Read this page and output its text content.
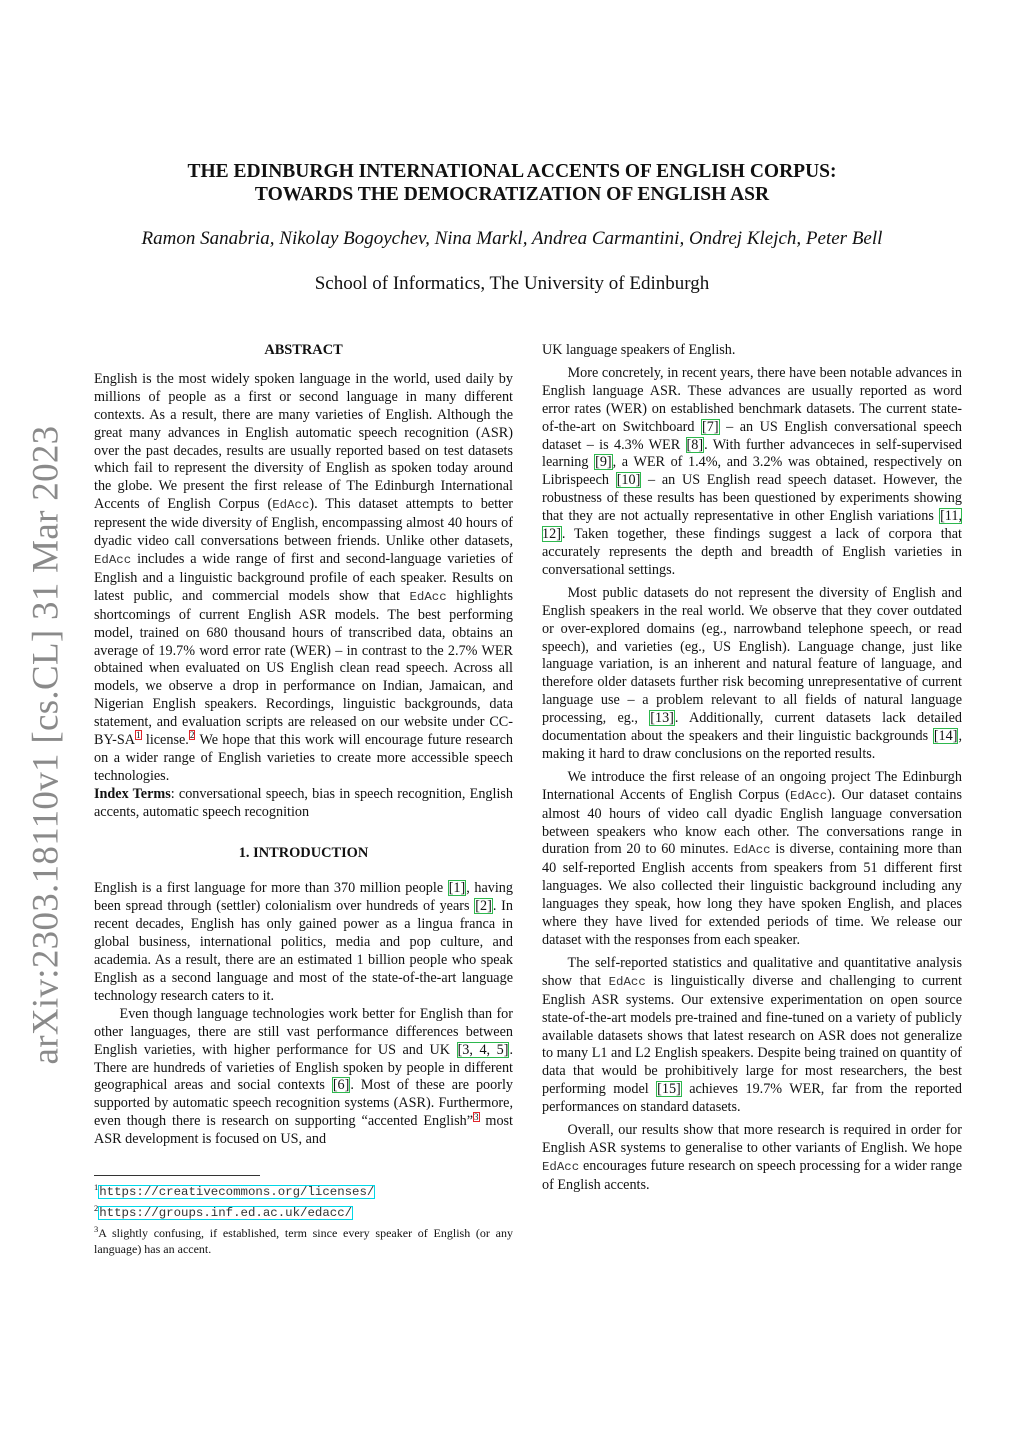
arXiv:2303.18110v1 [cs.CL] 31 Mar 2023
THE EDINBURGH INTERNATIONAL ACCENTS OF ENGLISH CORPUS:
TOWARDS THE DEMOCRATIZATION OF ENGLISH ASR
Ramon Sanabria, Nikolay Bogoychev, Nina Markl, Andrea Carmantini, Ondrej Klejch, Peter Bell
School of Informatics, The University of Edinburgh
ABSTRACT

English is the most widely spoken language in the world, used daily by millions of people as a first or second language in many different contexts. As a result, there are many varieties of English. Although the great many advances in English automatic speech recognition (ASR) over the past decades, results are usually reported based on test datasets which fail to represent the diversity of English as spoken today around the globe. We present the first release of The Edinburgh International Accents of English Corpus (EdAcc). This dataset attempts to better represent the wide diversity of English, encompassing almost 40 hours of dyadic video call conversations between friends. Unlike other datasets, EdAcc includes a wide range of first and second-language varieties of English and a linguistic background profile of each speaker. Results on latest public, and commercial models show that EdAcc highlights shortcomings of current English ASR models. The best performing model, trained on 680 thousand hours of transcribed data, obtains an average of 19.7% word error rate (WER) – in contrast to the 2.7% WER obtained when evaluated on US English clean read speech. Across all models, we observe a drop in performance on Indian, Jamaican, and Nigerian English speakers. Recordings, linguistic backgrounds, data statement, and evaluation scripts are released on our website under CC-BY-SA$^1$ license.$^2$ We hope that this work will encourage future research on a wider range of English varieties to create more accessible speech technologies.

Index Terms: conversational speech, bias in speech recognition, English accents, automatic speech recognition

1. INTRODUCTION

English is a first language for more than 370 million people [1], having been spread through (settler) colonialism over hundreds of years [2]. In recent decades, English has only gained power as a lingua franca in global business, international politics, media and pop culture, and academia. As a result, there are an estimated 1 billion people who speak English as a second language and most of the state-of-the-art language technology research caters to it.

Even though language technologies work better for English than for other languages, there are still vast performance differences between English varieties, with higher performance for US and UK [3, 4, 5]. There are hundreds of varieties of English spoken by people in different geographical areas and social contexts [6]. Most of these are poorly supported by automatic speech recognition systems (ASR). Furthermore, even though there is research on supporting “accented English”$^3$ most ASR development is focused on US, and

$^1$https://creativecommons.org/licenses/
$^2$https://groups.inf.ed.ac.uk/edacc/
$^3$A slightly confusing, if established, term since every speaker of English (or any language) has an accent.

UK language speakers of English.

More concretely, in recent years, there have been notable advances in English language ASR. These advances are usually reported as word error rates (WER) on established benchmark datasets. The current state-of-the-art on Switchboard [7] – an US English conversational speech dataset – is 4.3% WER [8]. With further advanceces in self-supervised learning [9], a WER of 1.4%, and 3.2% was obtained, respectively on Librispeech [10] – an US English read speech dataset. However, the robustness of these results has been questioned by experiments showing that they are not actually representative in other English variations [11, 12]. Taken together, these findings suggest a lack of corpora that accurately represents the depth and breadth of English varieties in conversational settings.

Most public datasets do not represent the diversity of English and English speakers in the real world. We observe that they cover outdated or over-explored domains (eg., narrowband telephone speech, or read speech), and varieties (eg., US English). Language change, just like language variation, is an inherent and natural feature of language, and therefore older datasets further risk becoming unrepresentative of current language use – a problem relevant to all fields of natural language processing, eg., [13]. Additionally, current datasets lack detailed documentation about the speakers and their linguistic backgrounds [14], making it hard to draw conclusions on the reported results.

We introduce the first release of an ongoing project The Edinburgh International Accents of English Corpus (EdAcc). Our dataset contains almost 40 hours of video call dyadic English language conversation between speakers who know each other. The conversations range in duration from 20 to 60 minutes. EdAcc is diverse, containing more than 40 self-reported English accents from speakers from 51 different first languages. We also collected their linguistic background including any languages they speak, how long they have spoken English, and places where they have lived for extended periods of time. We release our dataset with the responses from each speaker.

The self-reported statistics and qualitative and quantitative analysis show that EdAcc is linguistically diverse and challenging to current English ASR systems. Our extensive experimentation on open source state-of-the-art models pre-trained and fine-tuned on a variety of publicly available datasets shows that latest research on ASR does not generalize to many L1 and L2 English speakers. Despite being trained on quantity of data that would be prohibitively large for most researchers, the best performing model [15] achieves 19.7% WER, far from the reported performances on standard datasets.

Overall, our results show that more research is required in order for English ASR systems to generalise to other variants of English. We hope EdAcc encourages future research on speech processing for a wider range of English accents.
